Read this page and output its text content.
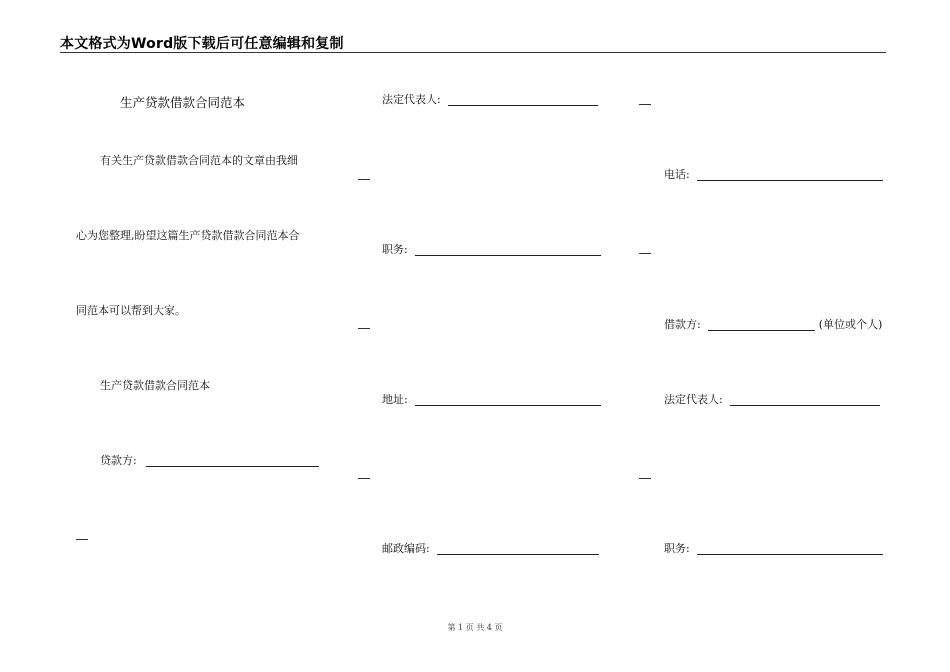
本文格式为Word版下载后可任意编辑和复制
生产贷款借款合同范本
有关生产贷款借款合同范本的文章由我细
心为您整理,盼望这篇生产贷款借款合同范本合
同范本可以帮到大家。
生产贷款借款合同范本
贷款方:
法定代表人:
职务:
地址:
邮政编码:
电话:
借款方:	(单位或个人)
法定代表人:
职务:
第 1 页 共 4 页
